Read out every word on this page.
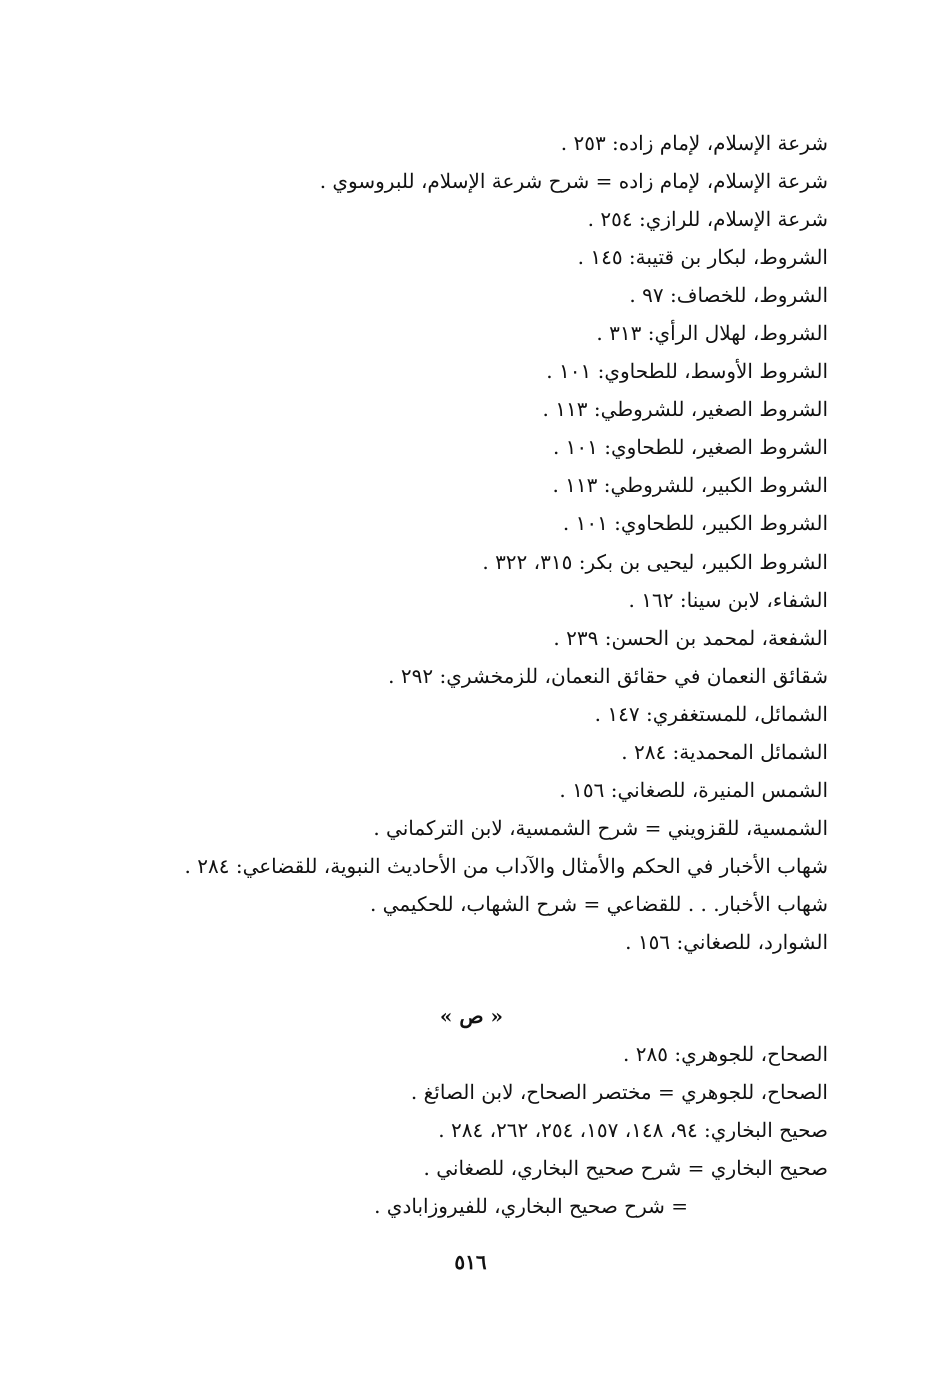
شرعة الإسلام، لإمام زاده: ٢٥٣ .
شرعة الإسلام، لإمام زاده = شرح شرعة الإسلام، للبروسوي .
شرعة الإسلام، للرازي: ٢٥٤ .
الشروط، لبكار بن قتيبة: ١٤٥ .
الشروط، للخصاف: ٩٧ .
الشروط، لهلال الرأي: ٣١٣ .
الشروط الأوسط، للطحاوي: ١٠١ .
الشروط الصغير، للشروطي: ١١٣ .
الشروط الصغير، للطحاوي: ١٠١ .
الشروط الكبير، للشروطي: ١١٣ .
الشروط الكبير، للطحاوي: ١٠١ .
الشروط الكبير، ليحيى بن بكر: ٣١٥، ٣٢٢ .
الشفاء، لابن سينا: ١٦٢ .
الشفعة، لمحمد بن الحسن: ٢٣٩ .
شقائق النعمان في حقائق النعمان، للزمخشري: ٢٩٢ .
الشمائل، للمستغفري: ١٤٧ .
الشمائل المحمدية: ٢٨٤ .
الشمس المنيرة، للصغاني: ١٥٦ .
الشمسية، للقزويني = شرح الشمسية، لابن التركماني .
شهاب الأخبار في الحكم والأمثال والآداب من الأحاديث النبوية، للقضاعي: ٢٨٤ .
شهاب الأخبار. . . للقضاعي = شرح الشهاب، للحكيمي .
الشوارد، للصغاني: ١٥٦ .
« ص »
الصحاح، للجوهري: ٢٨٥ .
الصحاح، للجوهري = مختصر الصحاح، لابن الصائغ .
صحيح البخاري: ٩٤، ١٤٨، ١٥٧، ٢٥٤، ٢٦٢، ٢٨٤ .
صحيح البخاري = شرح صحيح البخاري، للصغاني .
= شرح صحيح البخاري، للفيروزابادي .
٥١٦
